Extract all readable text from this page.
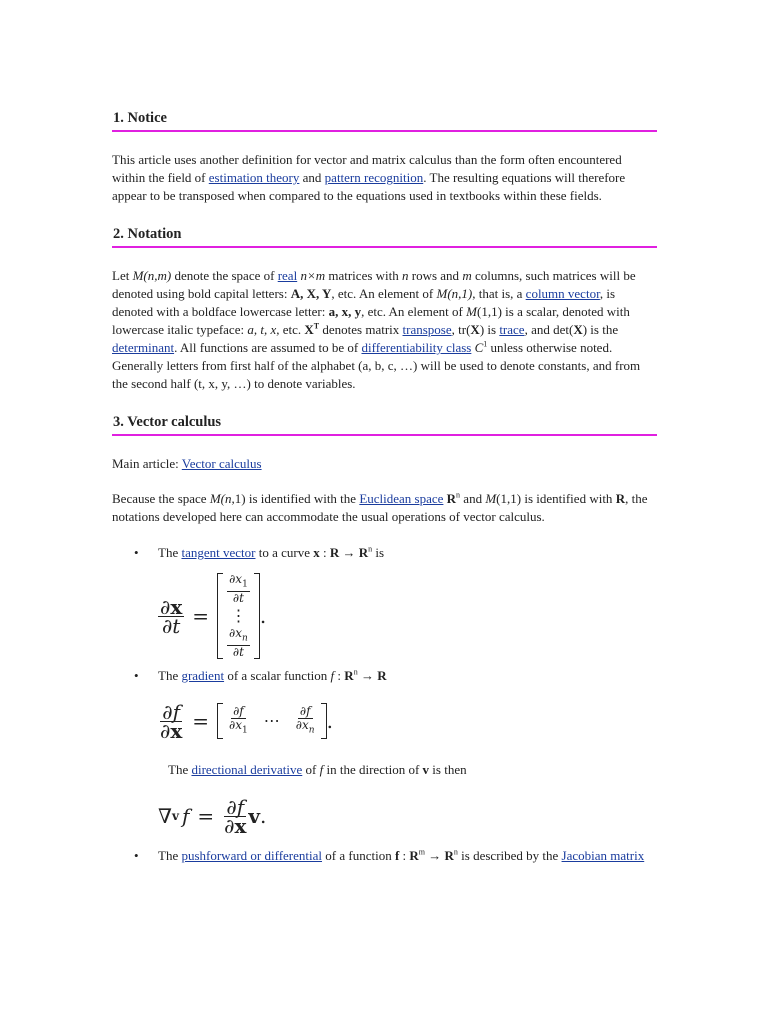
1. Notice

This article uses another definition for vector and matrix calculus than the form often encountered within the field of estimation theory and pattern recognition. The resulting equations will therefore appear to be transposed when compared to the equations used in textbooks within these fields.

2. Notation

Let M(n,m) denote the space of real n×m matrices with n rows and m columns, such matrices will be denoted using bold capital letters: A, X, Y, etc. An element of M(n,1), that is, a column vector, is denoted with a boldface lowercase letter: a, x, y, etc. An element of M(1,1) is a scalar, denoted with lowercase italic typeface: a, t, x, etc. $X^T$ denotes matrix transpose, tr(X) is trace, and det(X) is the determinant. All functions are assumed to be of differentiability class $C^1$ unless otherwise noted. Generally letters from first half of the alphabet (a, b, c, …) will be used to denote constants, and from the second half (t, x, y, …) to denote variables.

3. Vector calculus

Main article: Vector calculus

Because the space M(n,1) is identified with the Euclidean space $R^n$ and M(1,1) is identified with R, the notations developed here can accommodate the usual operations of vector calculus.

• The tangent vector to a curve x : $R \to R^n$ is
$\frac{\partial x}{\partial t}$ =
$\frac{\partial x_1}{\partial t}$
⋮
$\frac{\partial x_n}{\partial t}$
.
• The gradient of a scalar function f : $R^n \to R$
$\frac{\partial f}{\partial x} = \frac{\partial f}{\partial x_1}$ ⋯ $\frac{\partial f}{\partial x_n}$ .

The directional derivative of f in the direction of v is then

∇ v $f = \frac{\partial f}{\partial x}$ v .
• The pushforward or differential of a function f : $R^m \to R^n$ is described by the Jacobian matrix
